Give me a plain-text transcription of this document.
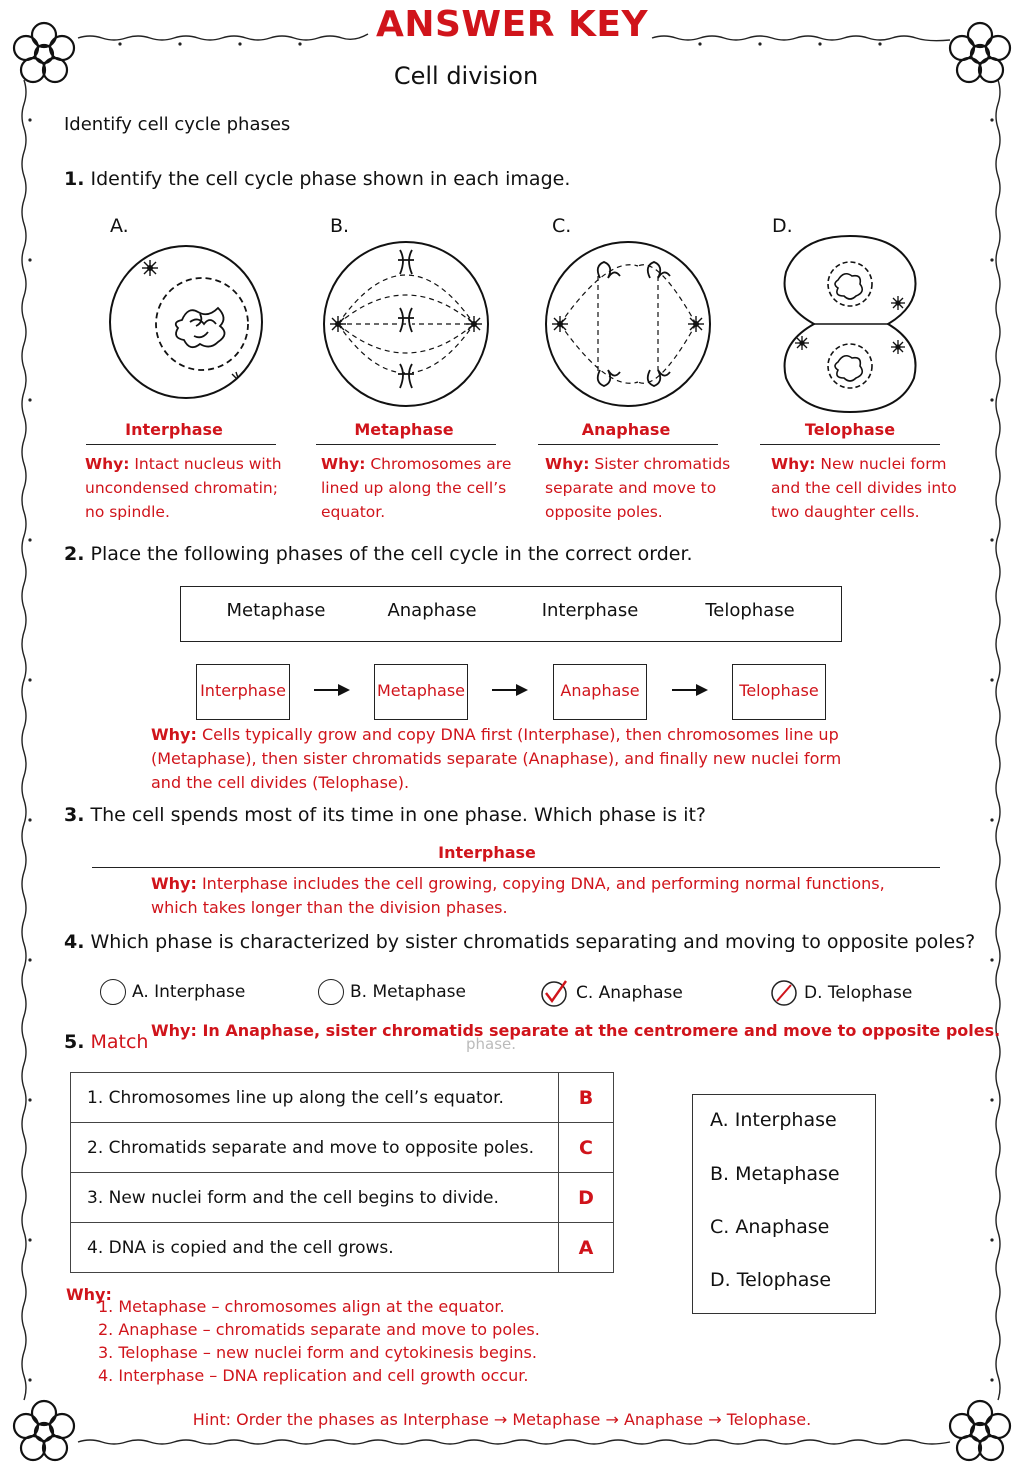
ANSWER KEY
Cell division
Identify cell cycle phases
1. Identify the cell cycle phase shown in each image.
A.	B.	C.	D.
Interphase	Metaphase	Anaphase	Telophase
Why: Intact nucleus with
uncondensed chromatin;
no spindle.
Why: Chromosomes are
lined up along the cell’s
equator.
Why: Sister chromatids
separate and move to
opposite poles.
Why: New nuclei form
and the cell divides into
two daughter cells.
2. Place the following phases of the cell cycle in the correct order.
Metaphase	Anaphase	Interphase	Telophase
Interphase	Metaphase	Anaphase	Telophase
Why: Cells typically grow and copy DNA first (Interphase), then chromosomes line up
(Metaphase), then sister chromatids separate (Anaphase), and finally new nuclei form
and the cell divides (Telophase).
3. The cell spends most of its time in one phase. Which phase is it?
Interphase
Why: Interphase includes the cell growing, copying DNA, and performing normal functions,
which takes longer than the division phases.
4. Which phase is characterized by sister chromatids separating and moving to opposite poles?
A. Interphase	B. Metaphase	C. Anaphase	D. Telophase
5. Match	phase.
Why: In Anaphase, sister chromatids separate at the centromere and move to opposite poles.
1. Chromosomes line up along the cell’s equator.	B
2. Chromatids separate and move to opposite poles.	C
3. New nuclei form and the cell begins to divide.	D
4. DNA is copied and the cell grows.	A
A. Interphase
B. Metaphase
C. Anaphase
D. Telophase
Why:
1. Metaphase – chromosomes align at the equator.
2. Anaphase – chromatids separate and move to poles.
3. Telophase – new nuclei form and cytokinesis begins.
4. Interphase – DNA replication and cell growth occur.
Hint: Order the phases as Interphase → Metaphase → Anaphase → Telophase.
